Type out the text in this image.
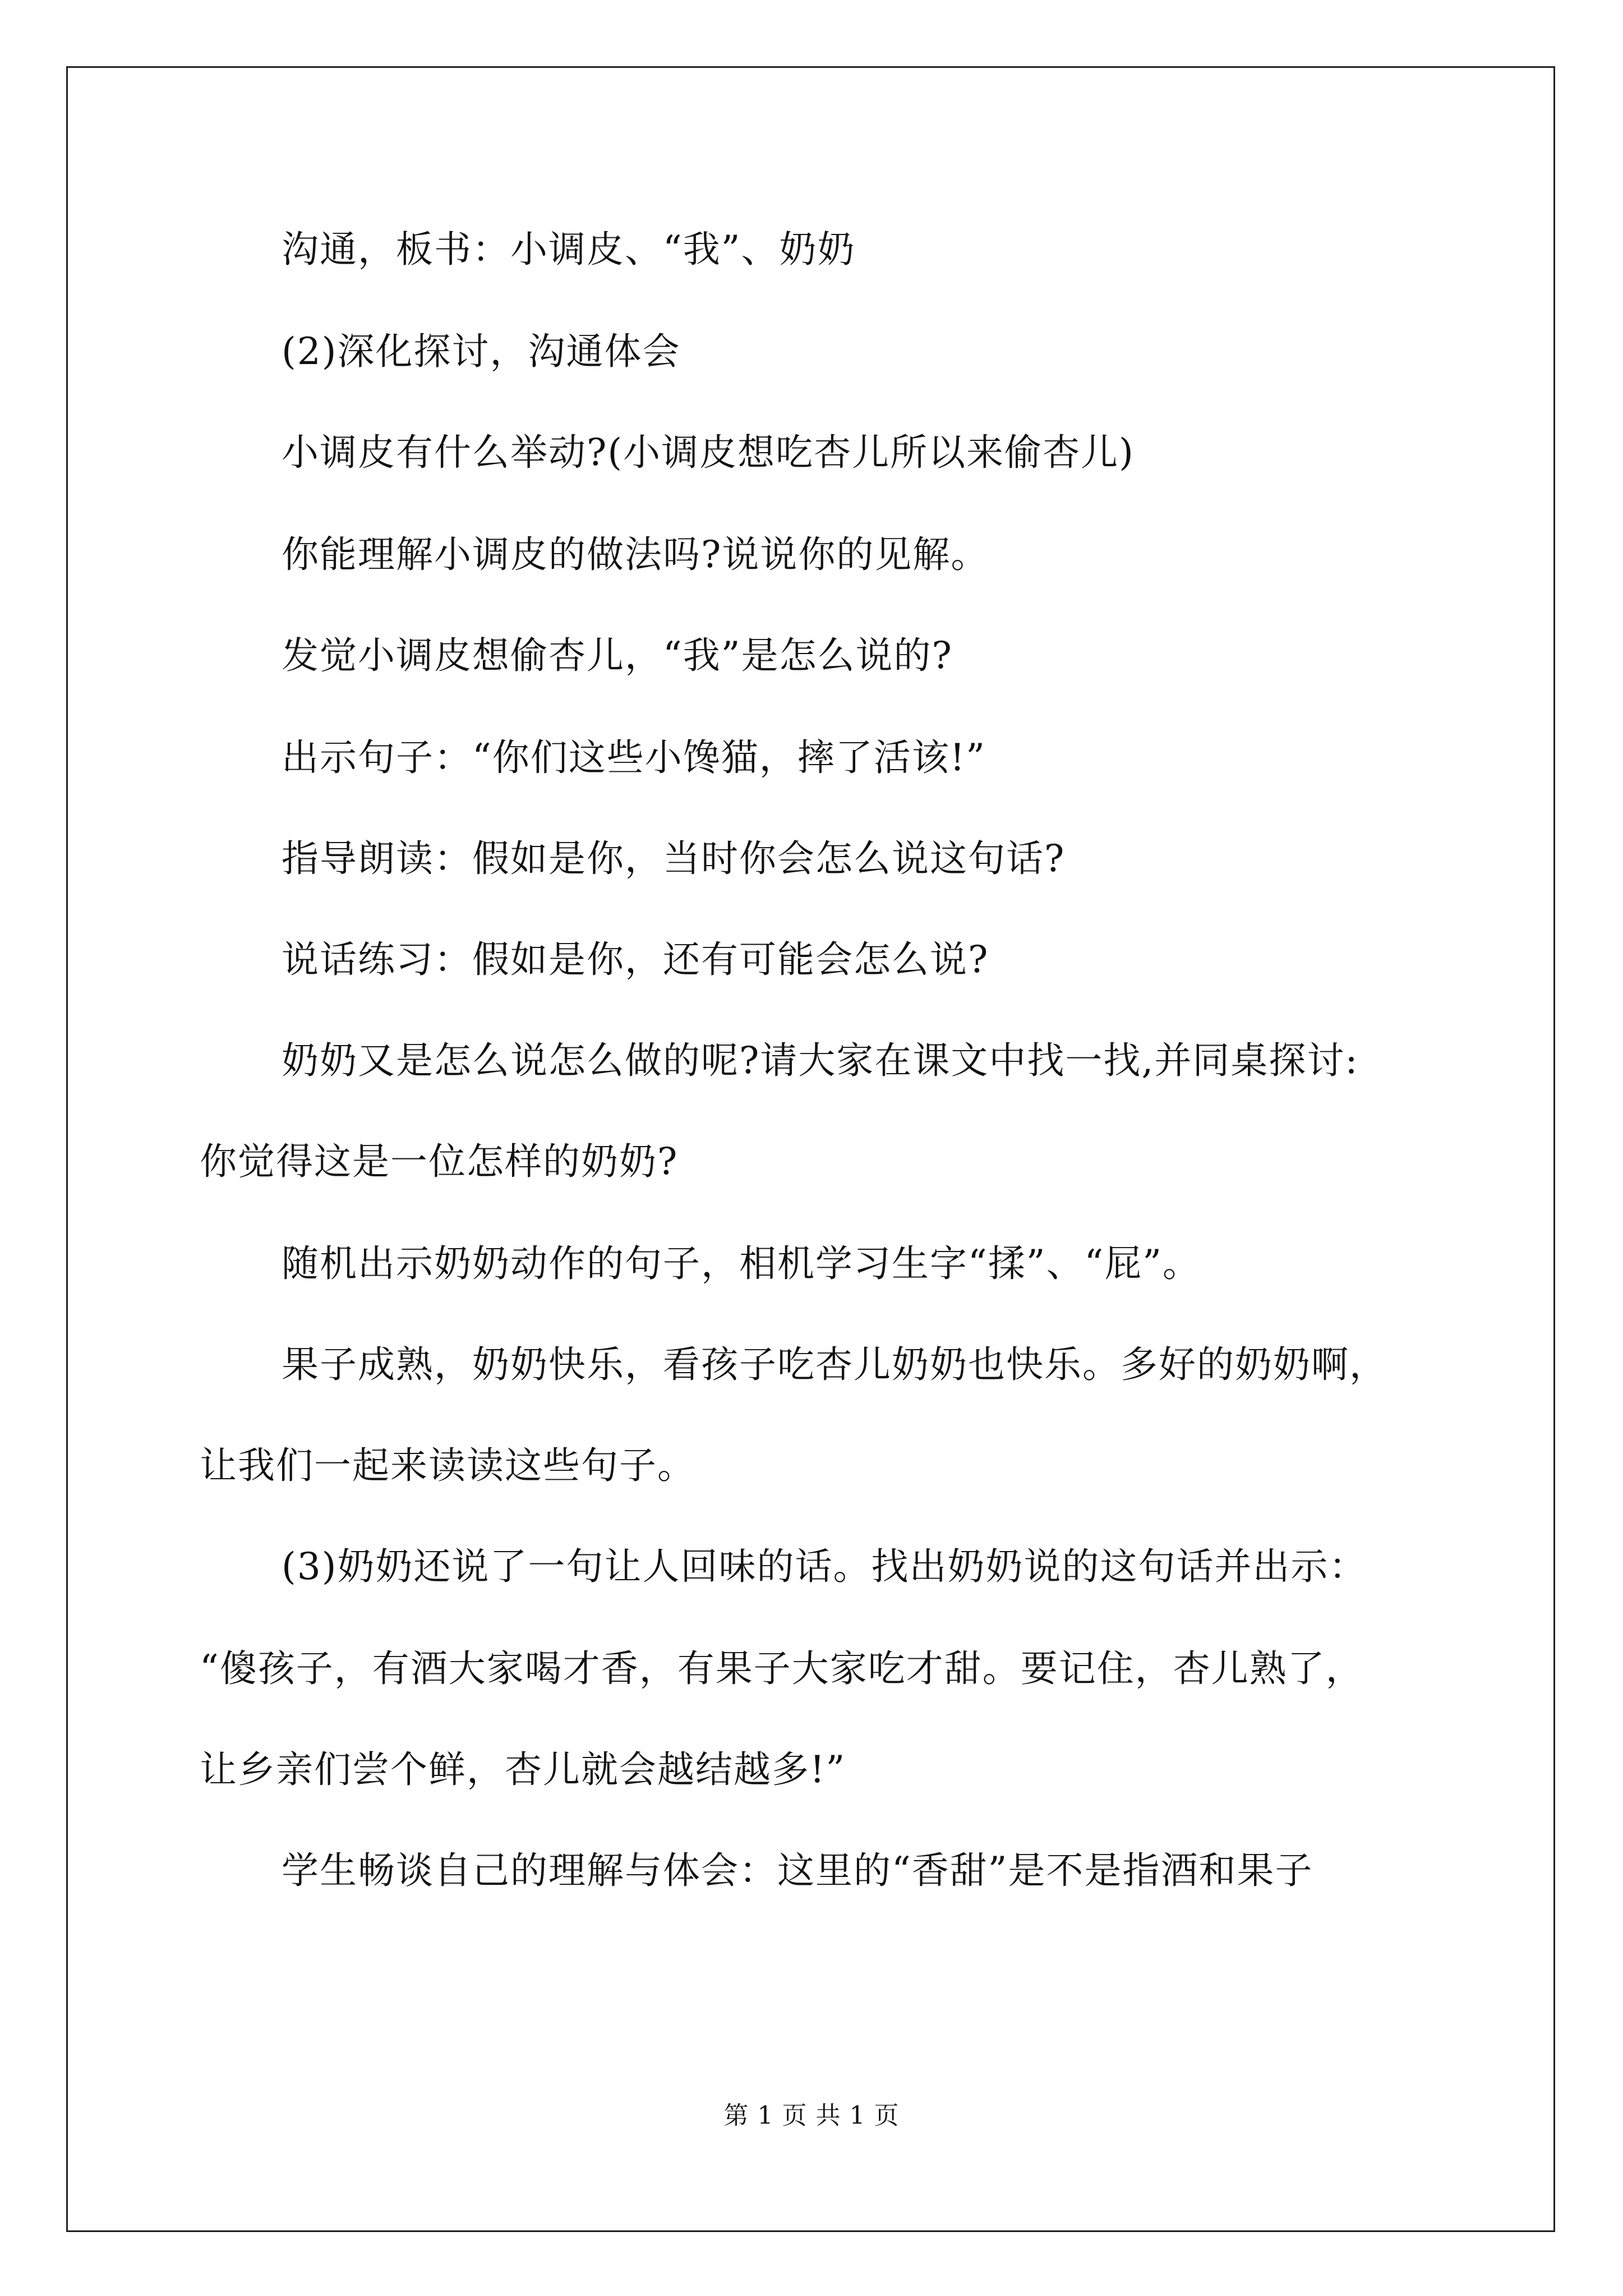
沟通，板书：小调皮、“我”、奶奶
(2)深化探讨，沟通体会
小调皮有什么举动?(小调皮想吃杏儿所以来偷杏儿)
你能理解小调皮的做法吗?说说你的见解。
发觉小调皮想偷杏儿，“我”是怎么说的?
出示句子：“你们这些小馋猫，摔了活该!”
指导朗读：假如是你，当时你会怎么说这句话?
说话练习：假如是你，还有可能会怎么说?
奶奶又是怎么说怎么做的呢?请大家在课文中找一找,并同桌探讨:
你觉得这是一位怎样的奶奶?
随机出示奶奶动作的句子，相机学习生字“揉”、“屁”。
果子成熟，奶奶快乐，看孩子吃杏儿奶奶也快乐。多好的奶奶啊，
让我们一起来读读这些句子。
(3)奶奶还说了一句让人回味的话。找出奶奶说的这句话并出示：
“傻孩子，有酒大家喝才香，有果子大家吃才甜。要记住，杏儿熟了，
让乡亲们尝个鲜，杏儿就会越结越多!”
学生畅谈自己的理解与体会：这里的“香甜”是不是指酒和果子
第 1 页 共 1 页
